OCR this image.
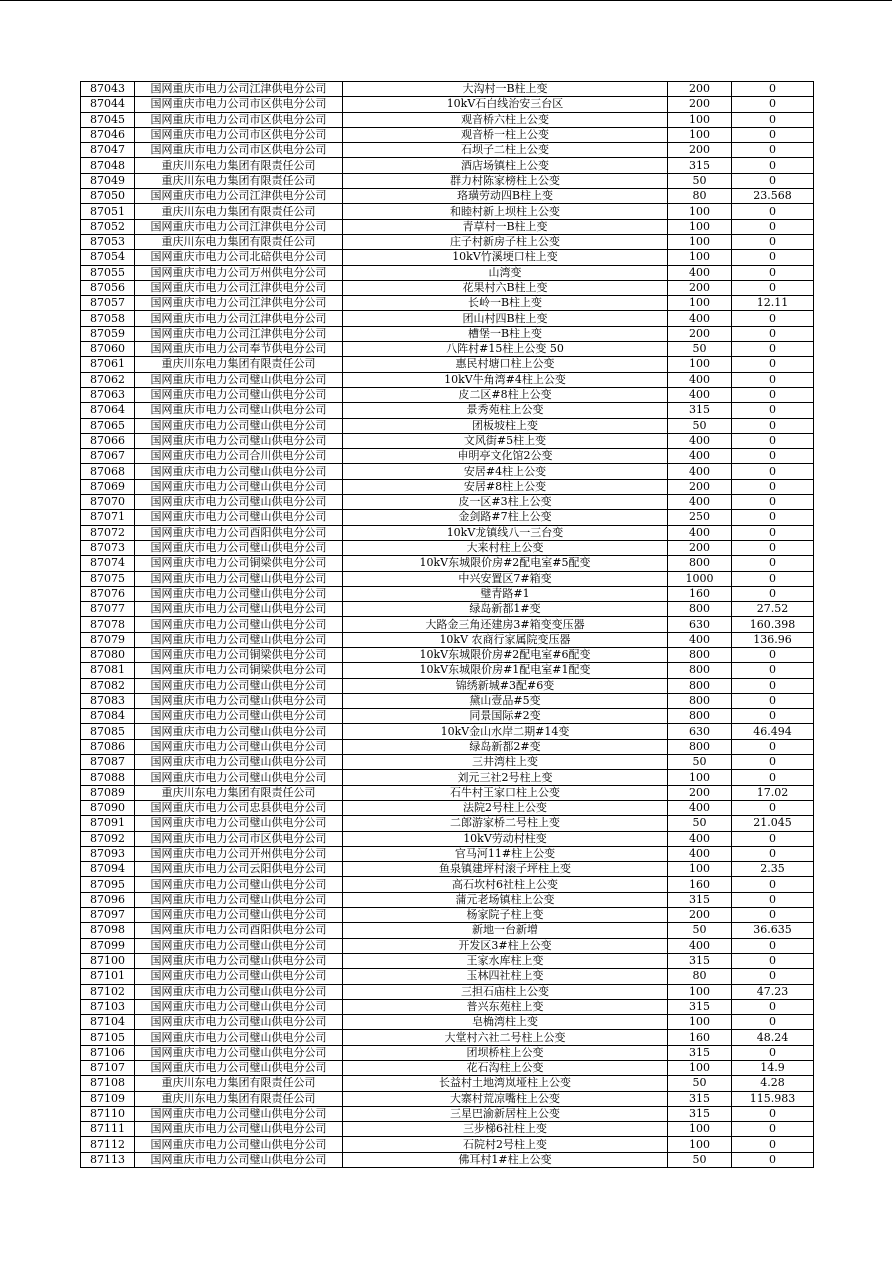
87043	国网重庆市电力公司江津供电分公司	大沟村一B柱上变	200	0
87044	国网重庆市电力公司市区供电分公司	10kV石白线治安三台区	200	0
87045	国网重庆市电力公司市区供电分公司	观音桥六柱上公变	100	0
87046	国网重庆市电力公司市区供电分公司	观音桥一柱上公变	100	0
87047	国网重庆市电力公司市区供电分公司	石坝子二柱上公变	200	0
87048	重庆川东电力集团有限责任公司	酒店场镇柱上公变	315	0
87049	重庆川东电力集团有限责任公司	群力村陈家榜柱上公变	50	0
87050	国网重庆市电力公司江津供电分公司	珞璜劳动四B柱上变	80	23.568
87051	重庆川东电力集团有限责任公司	和睦村新上坝柱上公变	100	0
87052	国网重庆市电力公司江津供电分公司	青草村一B柱上变	100	0
87053	重庆川东电力集团有限责任公司	庄子村新房子柱上公变	100	0
87054	国网重庆市电力公司北碚供电分公司	10kV竹溪埂口柱上变	100	0
87055	国网重庆市电力公司万州供电分公司	山湾变	400	0
87056	国网重庆市电力公司江津供电分公司	花果村六B柱上变	200	0
87057	国网重庆市电力公司江津供电分公司	长岭一B柱上变	100	12.11
87058	国网重庆市电力公司江津供电分公司	团山村四B柱上变	400	0
87059	国网重庆市电力公司江津供电分公司	槽堡一B柱上变	200	0
87060	国网重庆市电力公司奉节供电分公司	八阵村#15柱上公变 50	50	0
87061	重庆川东电力集团有限责任公司	惠民村塘口柱上公变	100	0
87062	国网重庆市电力公司璧山供电分公司	10kV牛角湾#4柱上公变	400	0
87063	国网重庆市电力公司璧山供电分公司	皮二区#8柱上公变	400	0
87064	国网重庆市电力公司璧山供电分公司	景秀苑柱上公变	315	0
87065	国网重庆市电力公司璧山供电分公司	团板坡柱上变	50	0
87066	国网重庆市电力公司璧山供电分公司	文风街#5柱上变	400	0
87067	国网重庆市电力公司合川供电分公司	申明亭文化馆2公变	400	0
87068	国网重庆市电力公司璧山供电分公司	安居#4柱上公变	400	0
87069	国网重庆市电力公司璧山供电分公司	安居#8柱上公变	200	0
87070	国网重庆市电力公司璧山供电分公司	皮一区#3柱上公变	400	0
87071	国网重庆市电力公司璧山供电分公司	金剑路#7柱上公变	250	0
87072	国网重庆市电力公司酉阳供电分公司	10kV龙镇线八一三台变	400	0
87073	国网重庆市电力公司璧山供电分公司	大来村柱上公变	200	0
87074	国网重庆市电力公司铜梁供电分公司	10kV东城限价房#2配电室#5配变	800	0
87075	国网重庆市电力公司璧山供电分公司	中兴安置区7#箱变	1000	0
87076	国网重庆市电力公司璧山供电分公司	璧青路#1	160	0
87077	国网重庆市电力公司璧山供电分公司	绿岛新都1#变	800	27.52
87078	国网重庆市电力公司璧山供电分公司	大路金三角还建房3#箱变变压器	630	160.398
87079	国网重庆市电力公司璧山供电分公司	10kV 农商行家属院变压器	400	136.96
87080	国网重庆市电力公司铜梁供电分公司	10kV东城限价房#2配电室#6配变	800	0
87081	国网重庆市电力公司铜梁供电分公司	10kV东城限价房#1配电室#1配变	800	0
87082	国网重庆市电力公司璧山供电分公司	锦绣新城#3配#6变	800	0
87083	国网重庆市电力公司璧山供电分公司	黛山壹品#5变	800	0
87084	国网重庆市电力公司璧山供电分公司	同景国际#2变	800	0
87085	国网重庆市电力公司璧山供电分公司	10kV金山水岸二期#14变	630	46.494
87086	国网重庆市电力公司璧山供电分公司	绿岛新都2#变	800	0
87087	国网重庆市电力公司璧山供电分公司	三井湾柱上变	50	0
87088	国网重庆市电力公司璧山供电分公司	刘元三社2号柱上变	100	0
87089	重庆川东电力集团有限责任公司	石牛村王家口柱上公变	200	17.02
87090	国网重庆市电力公司忠县供电分公司	法院2号柱上公变	400	0
87091	国网重庆市电力公司璧山供电分公司	二郎游家桥二号柱上变	50	21.045
87092	国网重庆市电力公司市区供电分公司	10kV劳动村柱变	400	0
87093	国网重庆市电力公司开州供电分公司	官马河11#柱上公变	400	0
87094	国网重庆市电力公司云阳供电分公司	鱼泉镇建坪村滚子坪柱上变	100	2.35
87095	国网重庆市电力公司璧山供电分公司	高石坎村6社柱上公变	160	0
87096	国网重庆市电力公司璧山供电分公司	蒲元老场镇柱上公变	315	0
87097	国网重庆市电力公司璧山供电分公司	杨家院子柱上变	200	0
87098	国网重庆市电力公司酉阳供电分公司	新地一台新增	50	36.635
87099	国网重庆市电力公司璧山供电分公司	开发区3#柱上公变	400	0
87100	国网重庆市电力公司璧山供电分公司	王家水库柱上变	315	0
87101	国网重庆市电力公司璧山供电分公司	玉林四社柱上变	80	0
87102	国网重庆市电力公司璧山供电分公司	三担石庙柱上公变	100	47.23
87103	国网重庆市电力公司璧山供电分公司	普兴东苑柱上变	315	0
87104	国网重庆市电力公司璧山供电分公司	皂桷湾柱上变	100	0
87105	国网重庆市电力公司璧山供电分公司	大堂村六社二号柱上公变	160	48.24
87106	国网重庆市电力公司璧山供电分公司	团坝桥柱上公变	315	0
87107	国网重庆市电力公司璧山供电分公司	花石沟柱上公变	100	14.9
87108	重庆川东电力集团有限责任公司	长益村土地湾岚垭柱上公变	50	4.28
87109	重庆川东电力集团有限责任公司	大寨村荒凉嘴柱上公变	315	115.983
87110	国网重庆市电力公司璧山供电分公司	三星巴渝新居柱上公变	315	0
87111	国网重庆市电力公司璧山供电分公司	三步梯6社柱上变	100	0
87112	国网重庆市电力公司璧山供电分公司	石院村2号柱上变	100	0
87113	国网重庆市电力公司璧山供电分公司	佛耳村1#柱上公变	50	0
